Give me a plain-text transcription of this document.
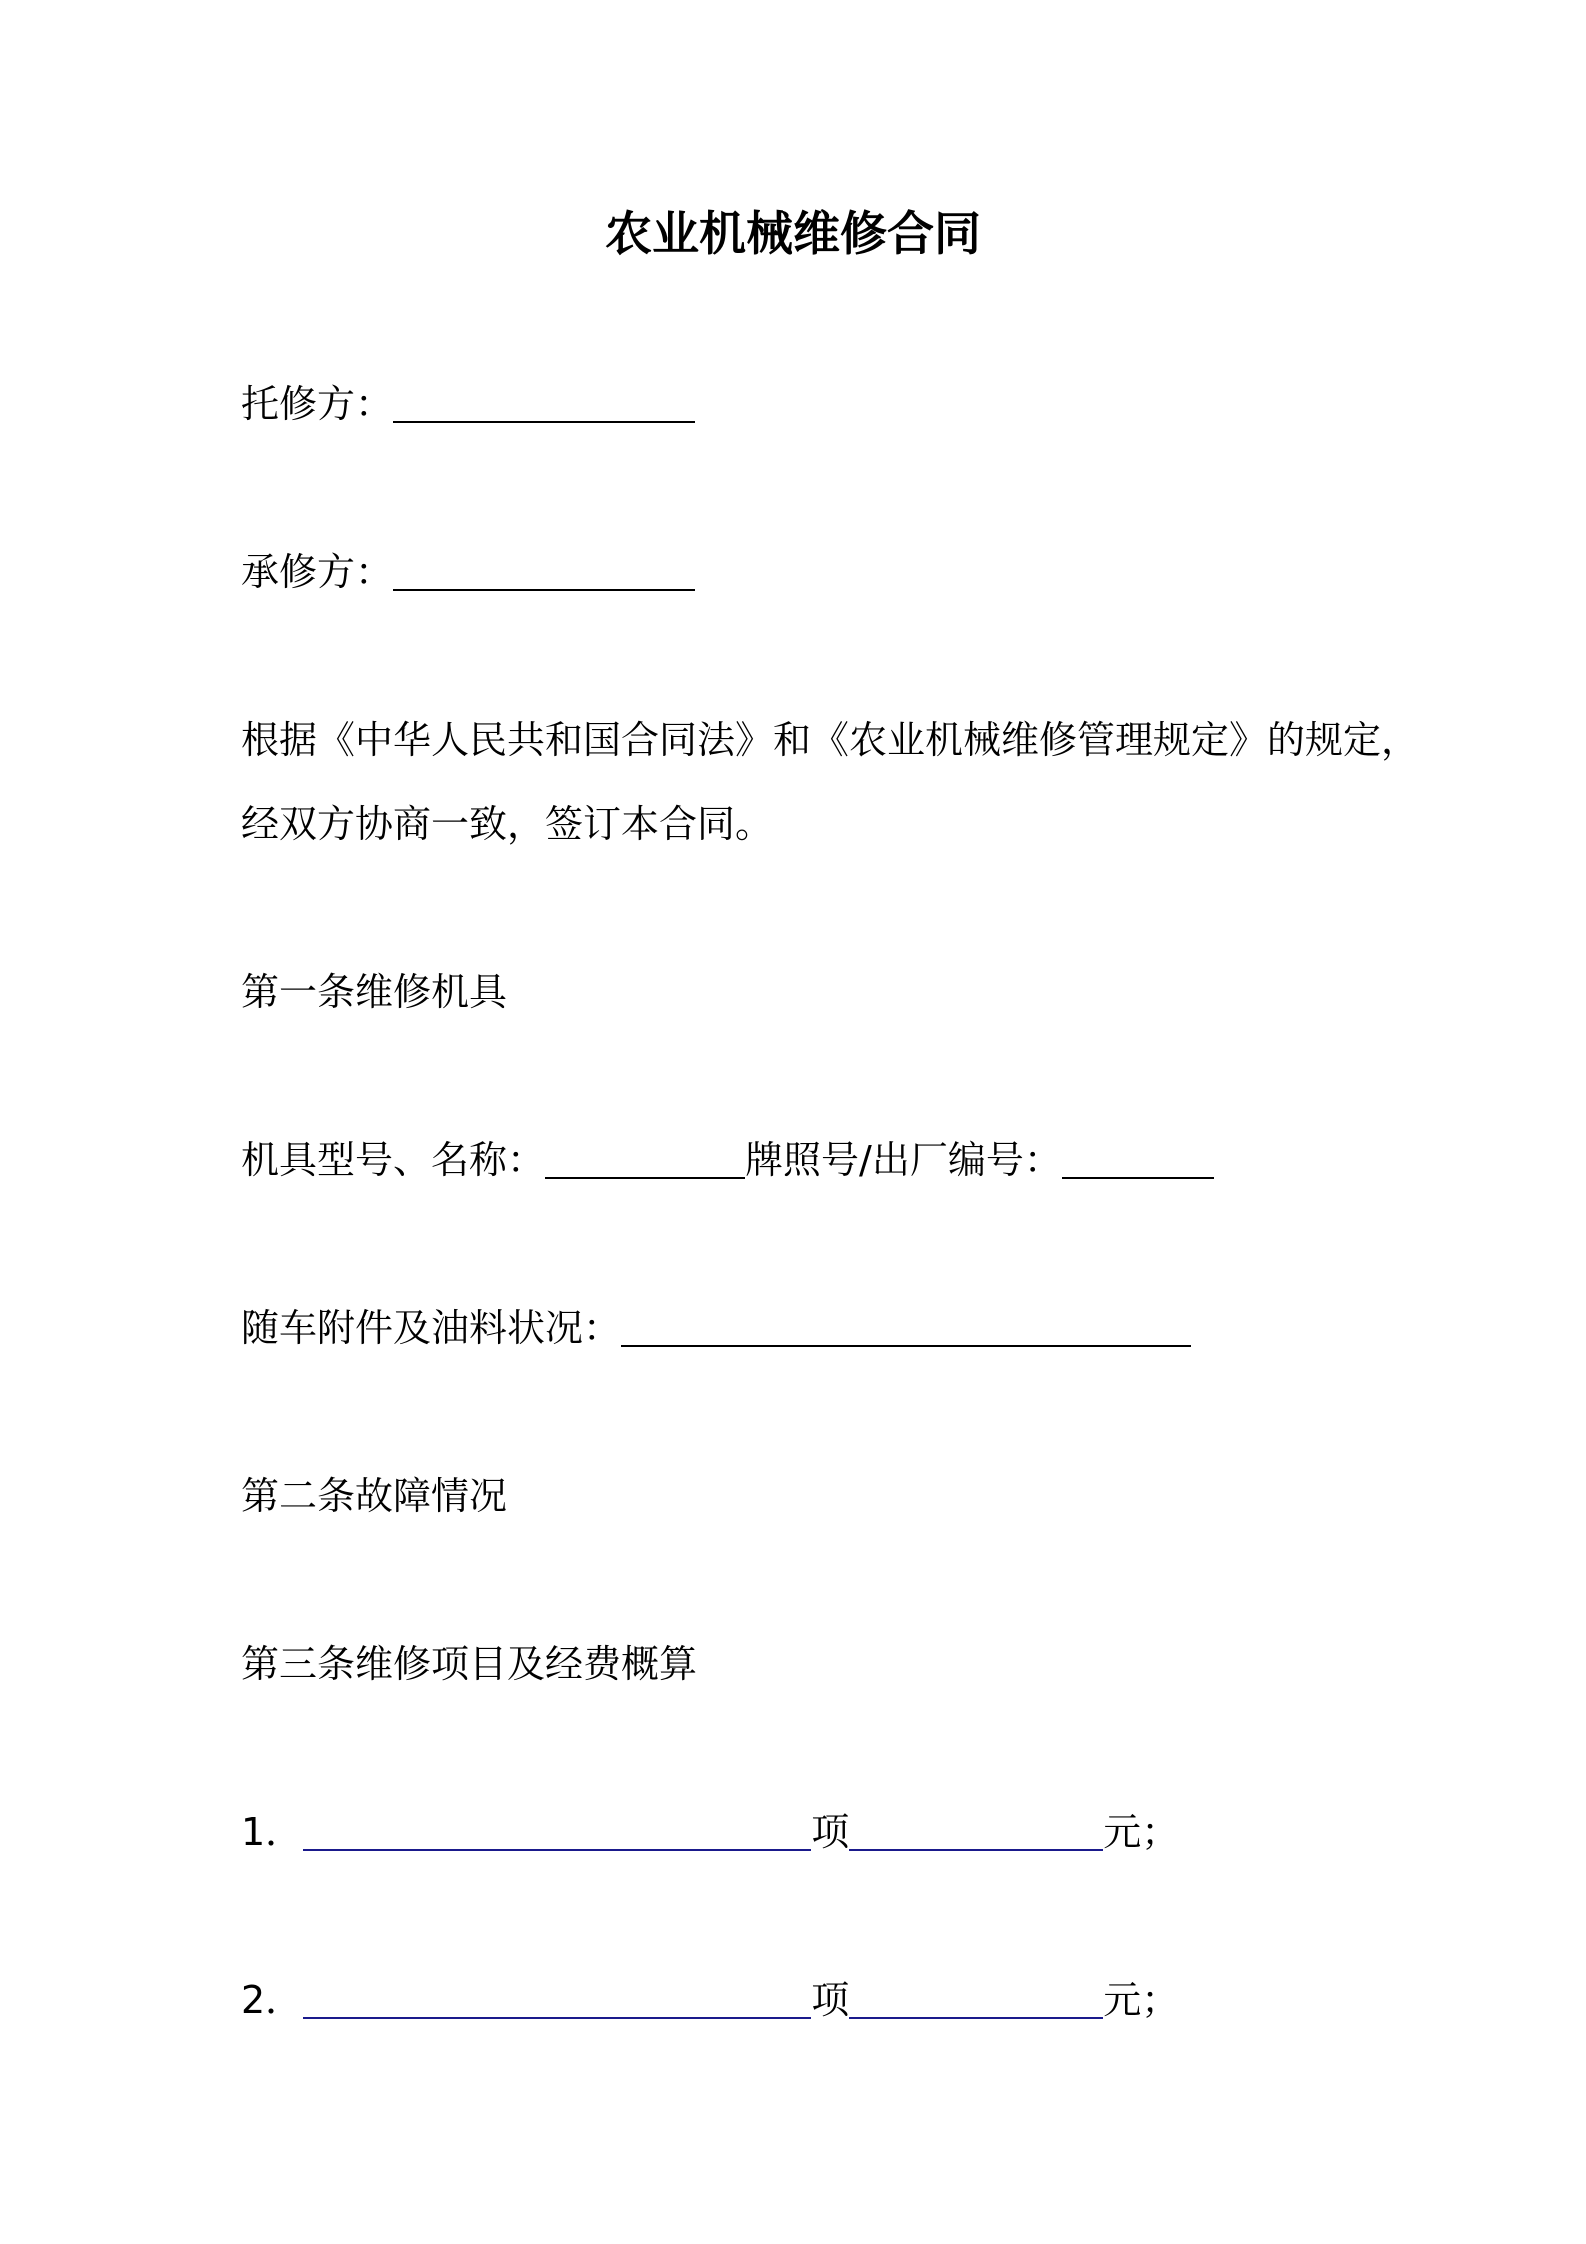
农业机械维修合同
托修方：
承修方：
根据《中华人民共和国合同法》和《农业机械维修管理规定》的规定，
经双方协商一致，签订本合同。
第一条维修机具
机具型号、名称：	牌照号/出厂编号：
随车附件及油料状况：
第二条故障情况
第三条维修项目及经费概算
1．	项	元；
2．	项	元；
